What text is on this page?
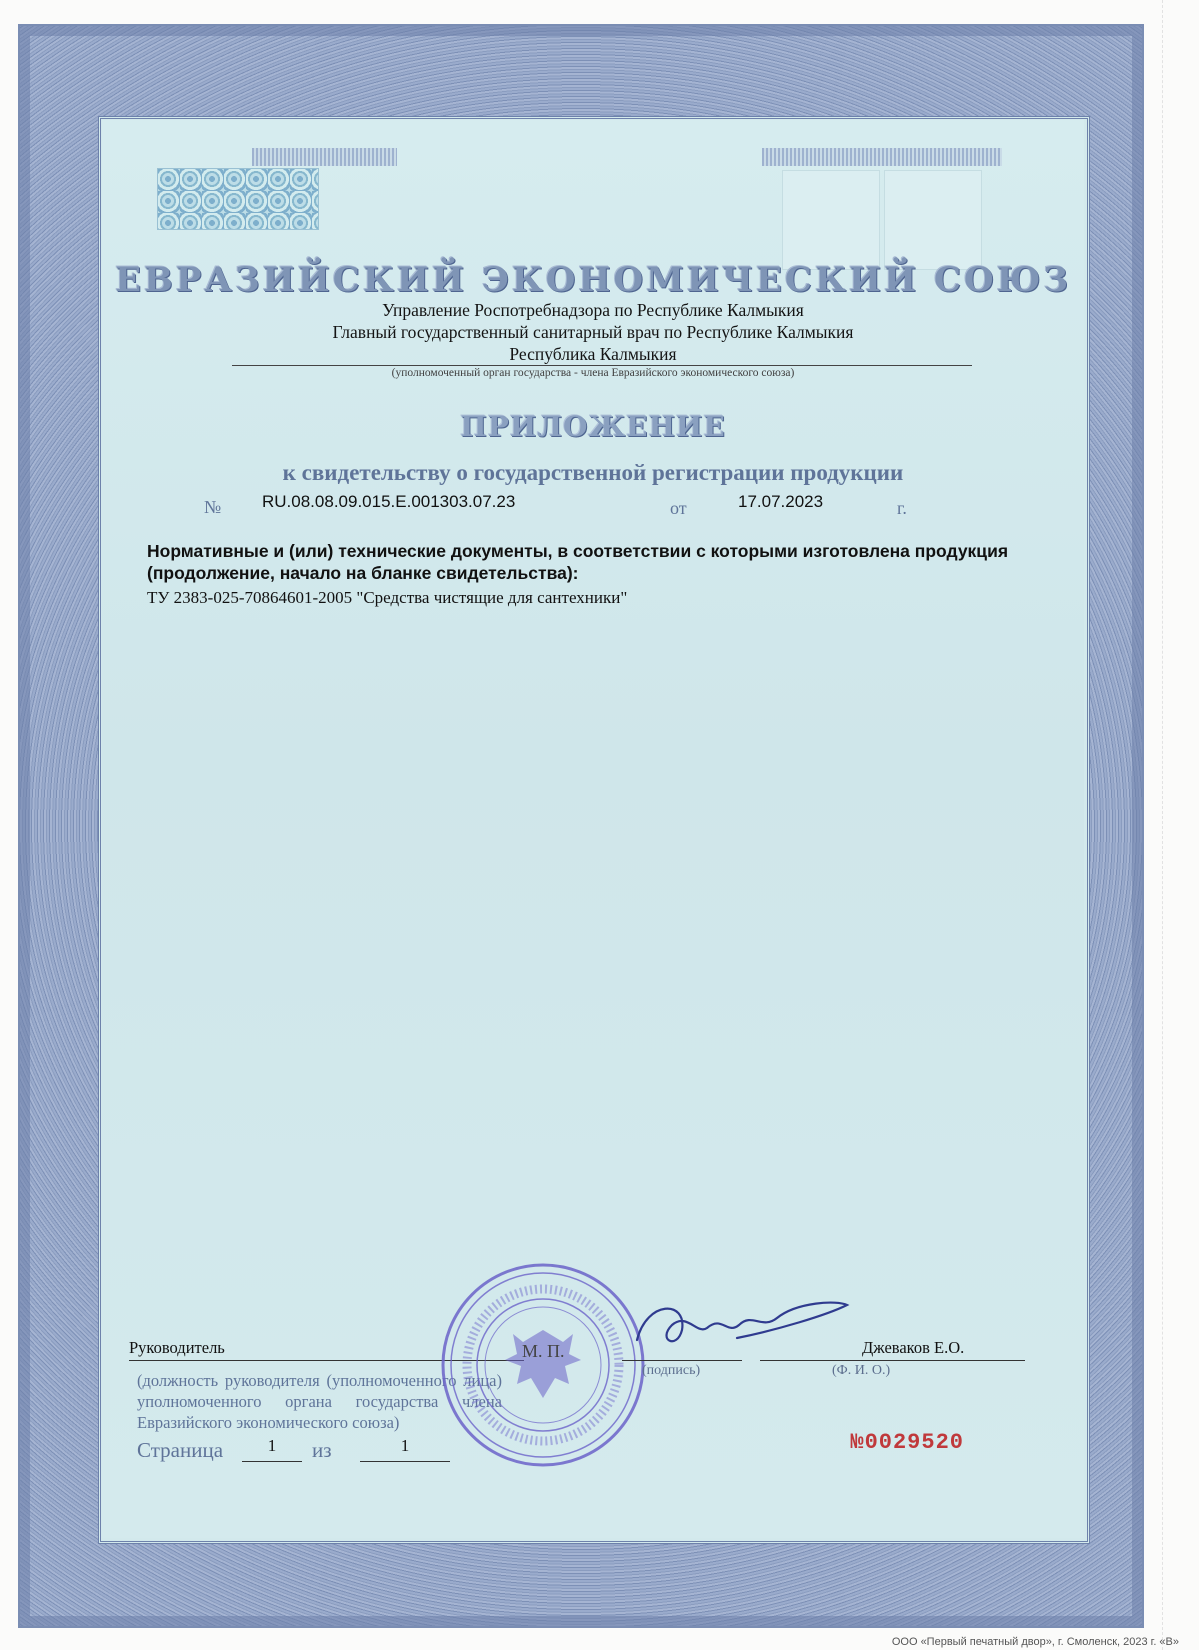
ЕВРАЗИЙСКИЙ ЭКОНОМИЧЕСКИЙ СОЮЗ
Управление Роспотребнадзора по Республике Калмыкия
Главный государственный санитарный врач по Республике Калмыкия
Республика Калмыкия
(уполномоченный орган государства - члена Евразийского экономического союза)
ПРИЛОЖЕНИЕ
к свидетельству о государственной регистрации продукции
№ RU.08.08.09.015.E.001303.07.23	от	17.07.2023	г.
Нормативные и (или) технические документы, в соответствии с которыми изготовлена продукция (продолжение, начало на бланке свидетельства):
ТУ 2383-025-70864601-2005 "Средства чистящие для сантехники"
Руководитель
(должность руководителя (уполномоченного лица) уполномоченного органа государства члена Евразийского экономического союза)
М. П.
(подпись)
Джеваков Е.О.
(Ф. И. О.)
Страница	1	из	1	№0029520
ООО «Первый печатный двор», г. Смоленск, 2023 г. «В»
